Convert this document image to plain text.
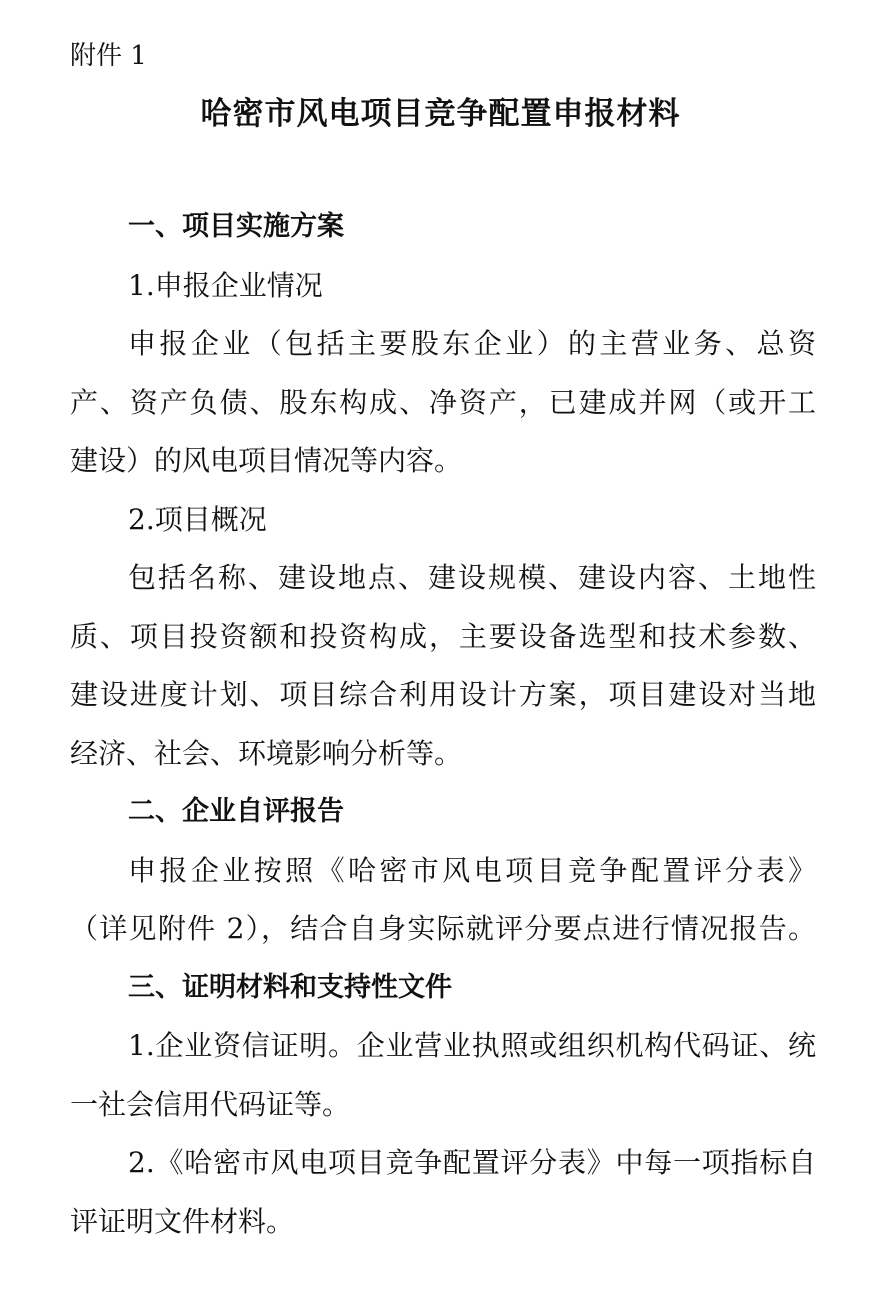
附件 1

哈密市风电项目竞争配置申报材料

一、项目实施方案

1.申报企业情况

申报企业（包括主要股东企业）的主营业务、总资

产、资产负债、股东构成、净资产，已建成并网（或开工

建设）的风电项目情况等内容。

2.项目概况

包括名称、建设地点、建设规模、建设内容、土地性

质、项目投资额和投资构成，主要设备选型和技术参数、

建设进度计划、项目综合利用设计方案，项目建设对当地

经济、社会、环境影响分析等。

二、企业自评报告

申报企业按照《哈密市风电项目竞争配置评分表》

（详见附件 2），结合自身实际就评分要点进行情况报告。

三、证明材料和支持性文件

1.企业资信证明。企业营业执照或组织机构代码证、统

一社会信用代码证等。

2.《哈密市风电项目竞争配置评分表》中每一项指标自

评证明文件材料。
